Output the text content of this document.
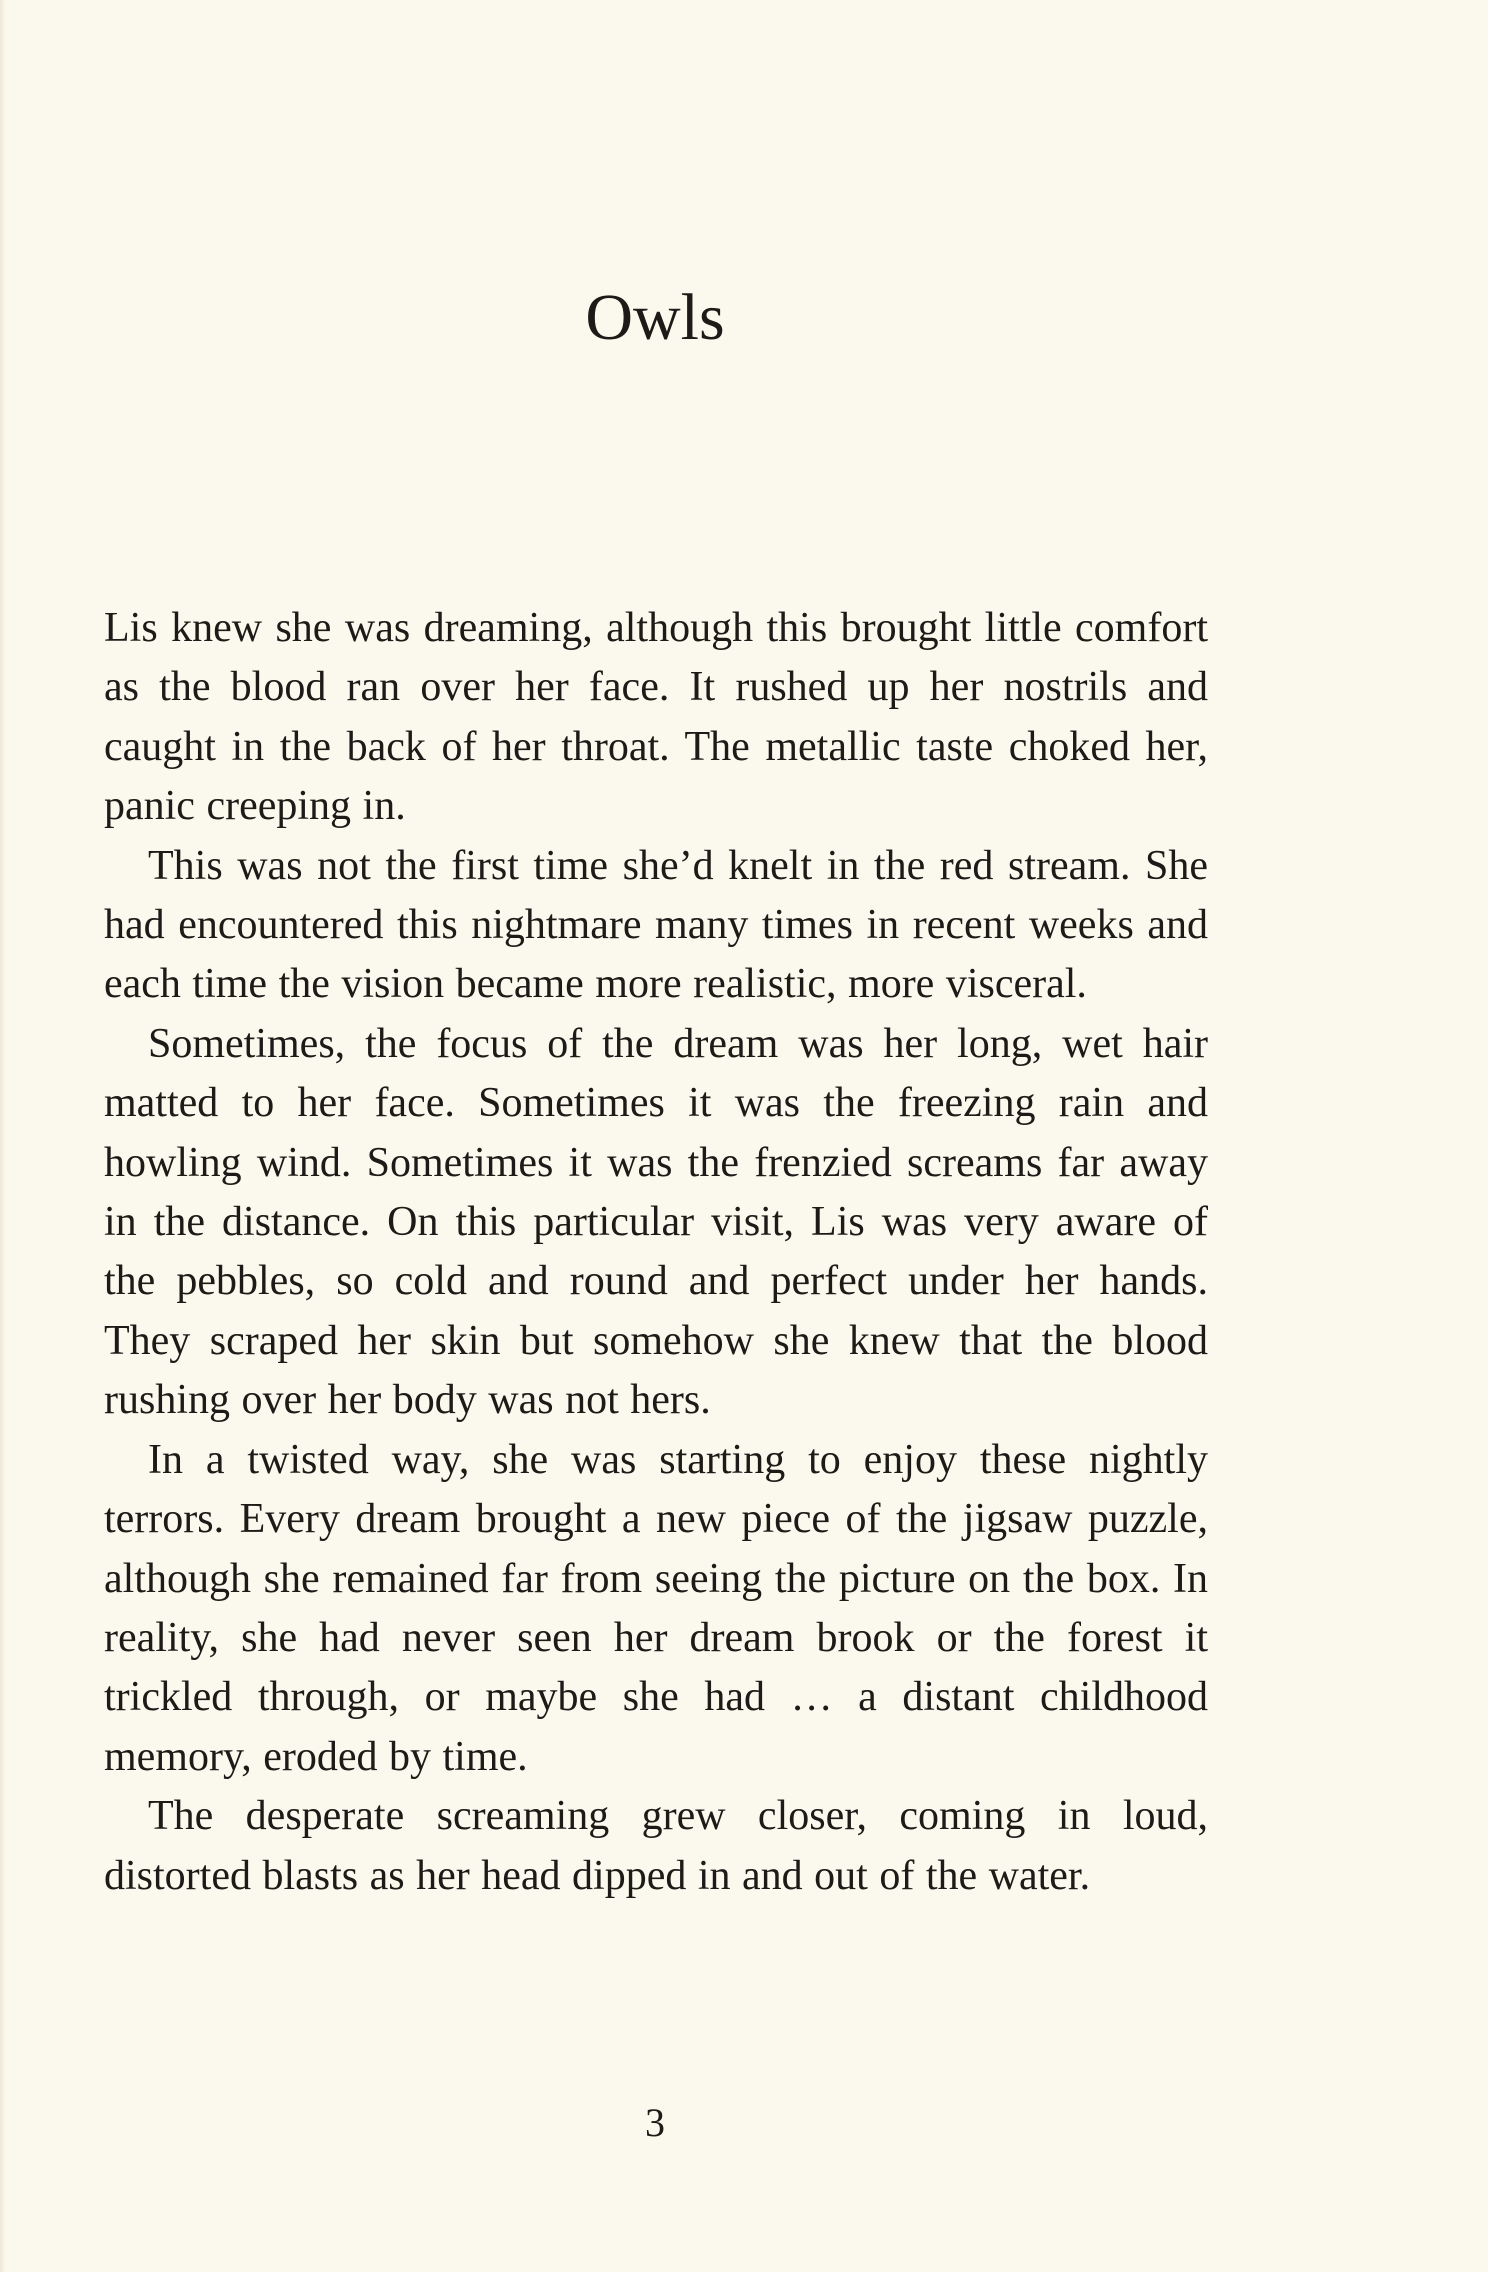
Owls

Lis knew she was dreaming, although this brought little comfort as the blood ran over her face. It rushed up her nostrils and caught in the back of her throat. The metallic taste choked her, panic creeping in.

This was not the first time she’d knelt in the red stream. She had encountered this nightmare many times in recent weeks and each time the vision became more realistic, more visceral.

Sometimes, the focus of the dream was her long, wet hair matted to her face. Sometimes it was the freezing rain and howling wind. Sometimes it was the frenzied screams far away in the distance. On this particular visit, Lis was very aware of the pebbles, so cold and round and perfect under her hands. They scraped her skin but somehow she knew that the blood rushing over her body was not hers.

In a twisted way, she was starting to enjoy these nightly terrors. Every dream brought a new piece of the jigsaw puzzle, although she remained far from seeing the picture on the box. In reality, she had never seen her dream brook or the forest it trickled through, or maybe she had … a distant childhood memory, eroded by time.

The desperate screaming grew closer, coming in loud, distorted blasts as her head dipped in and out of the water.

3
